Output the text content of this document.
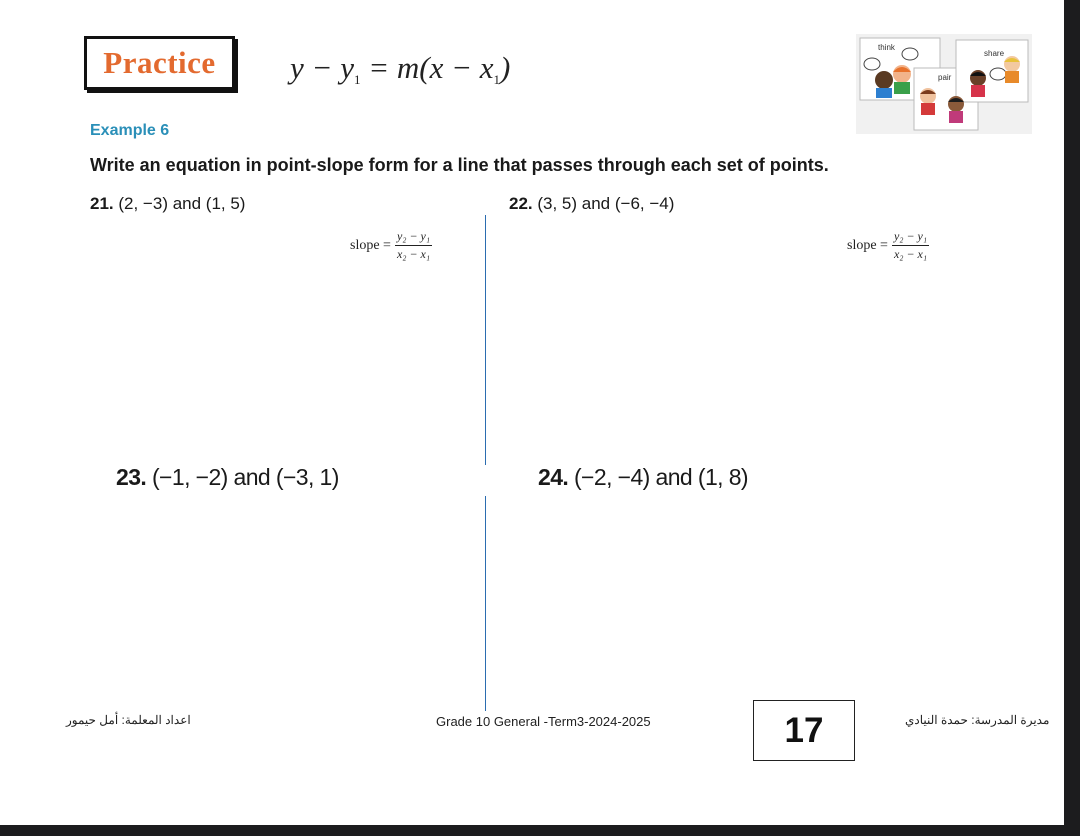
Practice $y - y_1 = m(x - x_1)$
think
pair
share
Example 6
Write an equation in point-slope form for a line that passes through each set of points.
21. (2, −3) and (1, 5)	22. (3, 5) and (−6, −4)
slope = $\frac{\text{y₂ − y₁}}{\text{x₂ − x₁}}$	slope = $\frac{\text{y₂ − y₁}}{\text{x₂ − x₁}}$
23. (−1, −2) and (−3, 1)	24. (−2, −4) and (1, 8)
اعداد المعلمة: أمل حيمور	Grade 10 General -Term3-2024-2025	17	مديرة المدرسة: حمدة النيادي
